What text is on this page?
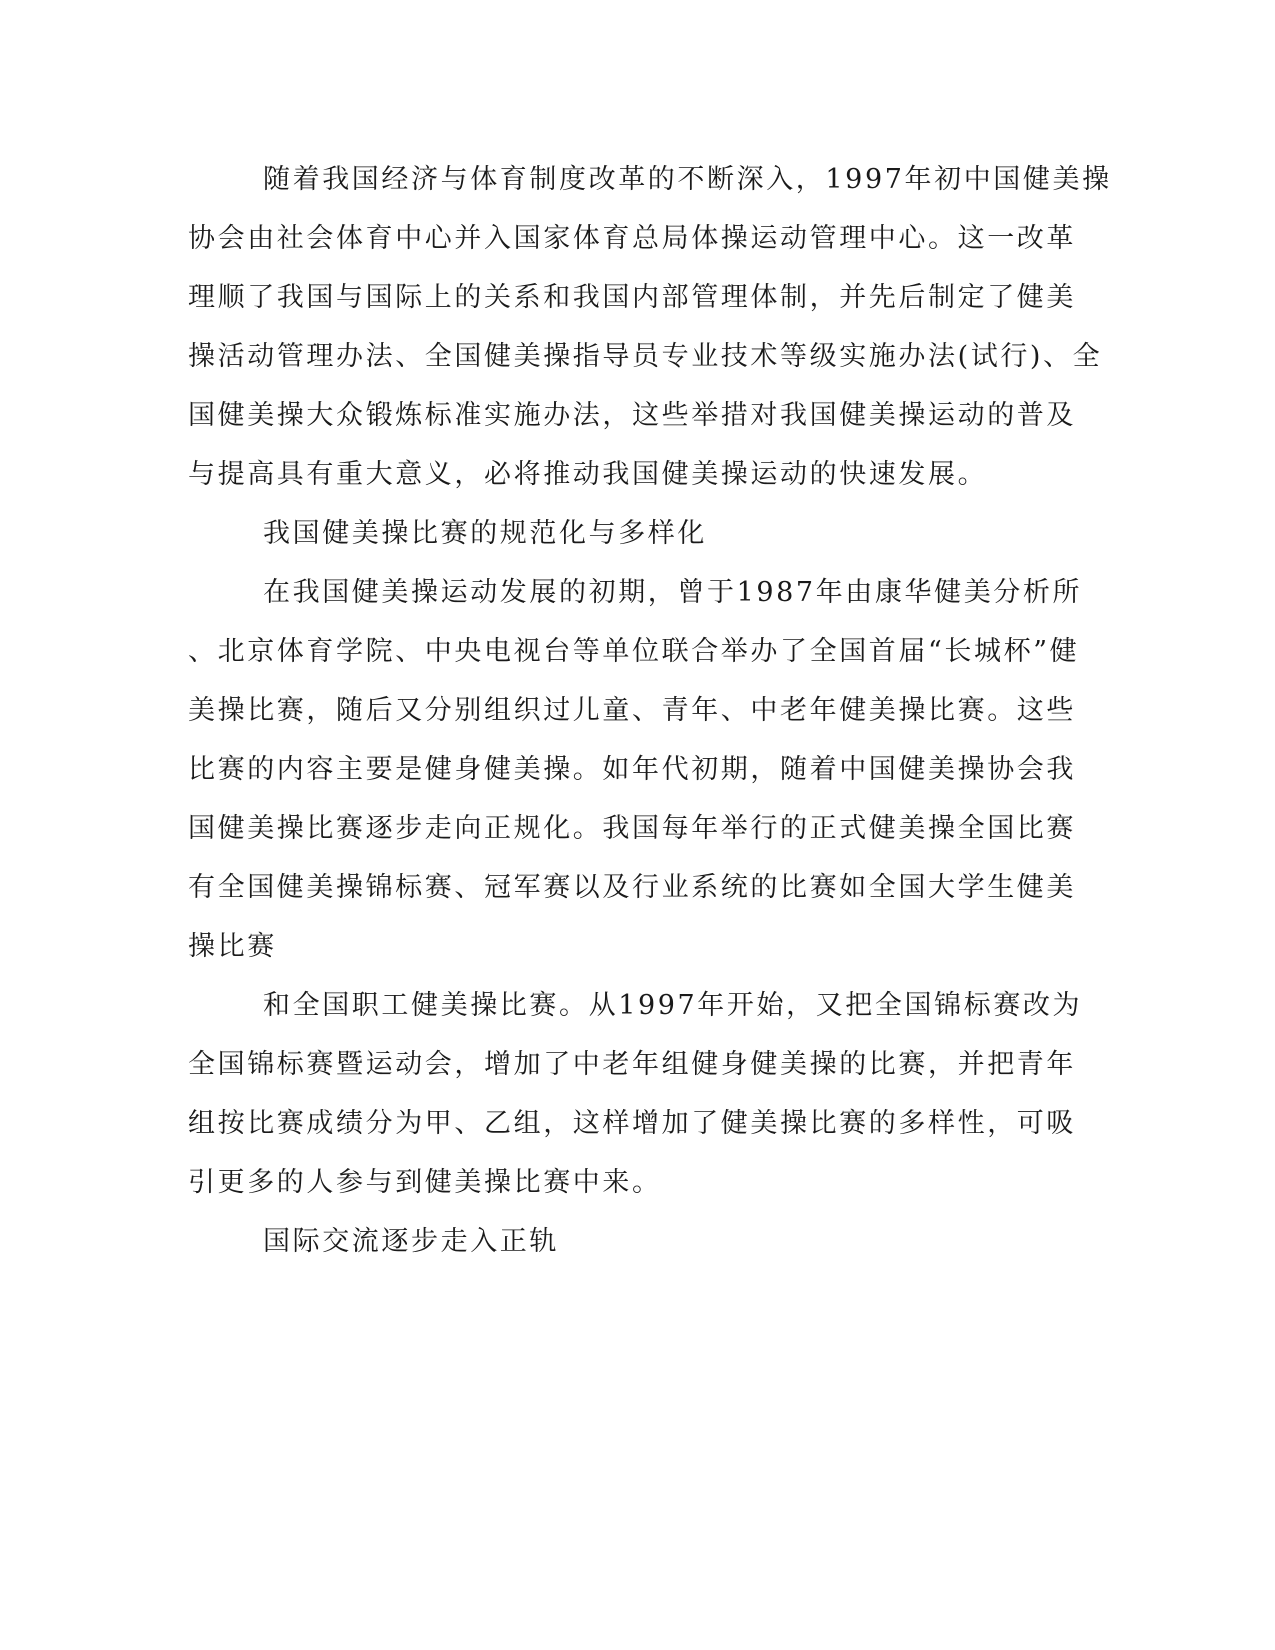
随着我国经济与体育制度改革的不断深入，1997年初中国健美操
协会由社会体育中心并入国家体育总局体操运动管理中心。这一改革
理顺了我国与国际上的关系和我国内部管理体制，并先后制定了健美
操活动管理办法、全国健美操指导员专业技术等级实施办法(试行)、全
国健美操大众锻炼标准实施办法，这些举措对我国健美操运动的普及
与提高具有重大意义，必将推动我国健美操运动的快速发展。
我国健美操比赛的规范化与多样化
在我国健美操运动发展的初期，曾于1987年由康华健美分析所
、北京体育学院、中央电视台等单位联合举办了全国首届“长城杯”健
美操比赛，随后又分别组织过儿童、青年、中老年健美操比赛。这些
比赛的内容主要是健身健美操。如年代初期，随着中国健美操协会我
国健美操比赛逐步走向正规化。我国每年举行的正式健美操全国比赛
有全国健美操锦标赛、冠军赛以及行业系统的比赛如全国大学生健美
操比赛
和全国职工健美操比赛。从1997年开始，又把全国锦标赛改为
全国锦标赛暨运动会，增加了中老年组健身健美操的比赛，并把青年
组按比赛成绩分为甲、乙组，这样增加了健美操比赛的多样性，可吸
引更多的人参与到健美操比赛中来。
国际交流逐步走入正轨
